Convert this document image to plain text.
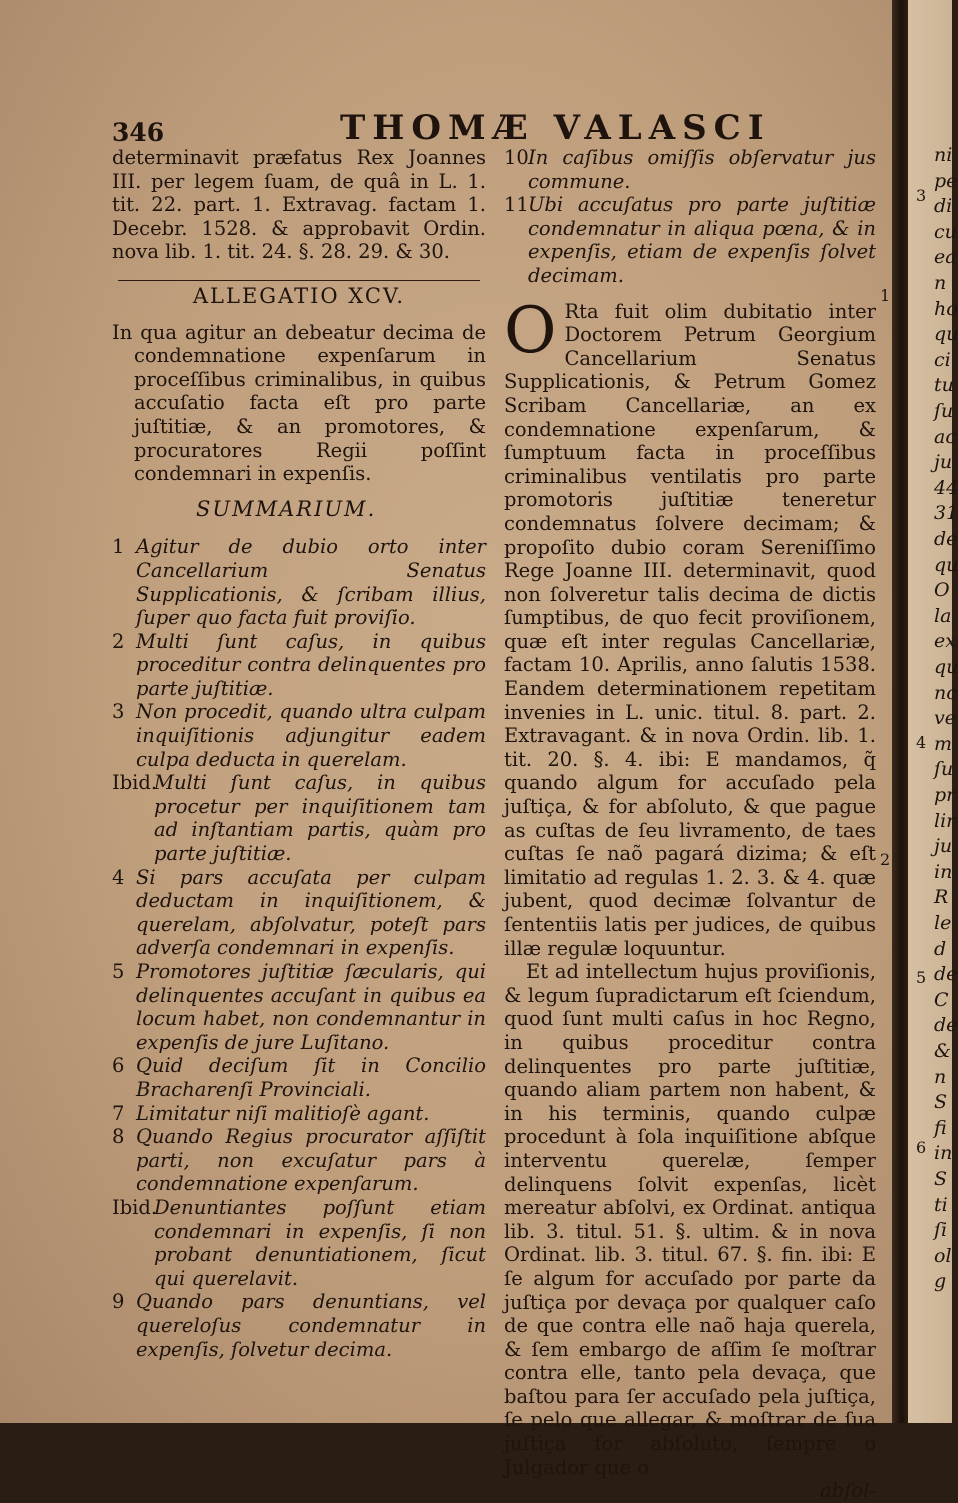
346	THOMÆ VALASCI
determinavit præfatus Rex Joannes III. per legem ſuam, de quâ in L. 1. tit. 22. part. 1. Extravag. factam 1. Decebr. 1528. & approbavit Ordin. nova lib. 1. tit. 24. §. 28. 29. & 30.
ALLEGATIO XCV.
In qua agitur an debeatur decima de condemnatione expenſarum in proceſſibus criminalibus, in quibus accuſatio facta eſt pro parte juſtitiæ, & an promotores, & procuratores Regii poſſint condemnari in expenſis.
SUMMARIUM.
1 Agitur de dubio orto inter Cancellarium Senatus Supplicationis, & ſcribam illius, ſuper quo facta fuit proviſio.
2 Multi ſunt caſus, in quibus proceditur contra delinquentes pro parte juſtitiæ.
3 Non procedit, quando ultra culpam inquiſitionis adjungitur eadem culpa deducta in querelam.
Ibid.
Multi ſunt caſus, in quibus procetur per inquiſitionem tam ad inſtantiam partis, quàm pro parte juſtitiæ.
4 Si pars accuſata per culpam deductam in inquiſitionem, & querelam, abſolvatur, poteſt pars adverſa condemnari in expenſis.
5 Promotores juſtitiæ ſæcularis, qui delinquentes accuſant in quibus ea locum habet, non condemnantur in expenſis de jure Luſitano.
6 Quid deciſum ſit in Concilio Bracharenſi Provinciali.
7 Limitatur niſi malitioſè agant.
8 Quando Regius procurator aſſiſtit parti, non excuſatur pars à condemnatione expenſarum.
Ibid.
Denuntiantes poſſunt etiam condemnari in expenſis, ſi non probant denuntiationem, ſicut qui querelavit.
9 Quando pars denuntians, vel quereloſus condemnatur in expenſis, ſolvetur decima.
10 In caſibus omiſſis obſervatur jus commune.
11 Ubi accuſatus pro parte juſtitiæ condemnatur in aliqua pœna, & in expenſis, etiam de expenſis ſolvet decimam.
O Rta fuit olim dubitatio inter Doctorem Petrum Georgium Cancellarium Senatus Supplicationis, & Petrum Gomez Scribam Cancellariæ, an ex condemnatione expenſarum, & ſumptuum facta in proceſſibus criminalibus ventilatis pro parte promotoris juſtitiæ teneretur condemnatus ſolvere decimam; & propoſito dubio coram Sereniſſimo Rege Joanne III. determinavit, quod non ſolveretur talis decima de dictis ſumptibus, de quo fecit proviſionem, quæ eſt inter regulas Cancellariæ, factam 10. Aprilis, anno ſalutis 1538. Eandem determinationem repetitam invenies in L. unic. titul. 8. part. 2. Extravagant. & in nova Ordin. lib. 1. tit. 20. §. 4. ibi: E mandamos, q̃ quando algum for accuſado pela juſtiça, & for abſoluto, & que pague as cuſtas de ſeu livramento, de taes cuſtas ſe naõ pagará dizima; & eſt limitatio ad regulas 1. 2. 3. & 4. quæ jubent, quod decimæ ſolvantur de ſententiis latis per judices, de quibus illæ regulæ loquuntur.
Et ad intellectum hujus proviſionis, & legum ſupradictarum eſt ſciendum, quod ſunt multi caſus in hoc Regno, in quibus proceditur contra delinquentes pro parte juſtitiæ, quando aliam partem non habent, & in his terminis, quando culpæ procedunt à ſola inquiſitione abſque interventu querelæ, ſemper delinquens ſolvit expenſas, licèt mereatur abſolvi, ex Ordinat. antiqua lib. 3. titul. 51. §. ultim. & in nova Ordinat. lib. 3. titul. 67. §. fin. ibi: E ſe algum for accuſado por parte da juſtiça por devaça por qualquer caſo de que contra elle naõ haja querela, & ſem embargo de aſſim ſe moſtrar contra elle, tanto pela devaça, que baſtou para ſer accuſado pela juſtiça, ſe pelo que allegar, & moſtrar de ſua juſtiça for abſoluto, ſempre o Julgador que o
abſol-
1
2
ni
pe
di
cu
ea
n
ho
qu
ci
tu
ſu
ac
ju
44
31
de
qu
O
la
ex
qu
nc
ve
m
ſu
pr
lir
ju
in
R
le
d
de
C
de
&
n
S
fi
in
S
ti
ſi
ol
g
3
4
5
6
